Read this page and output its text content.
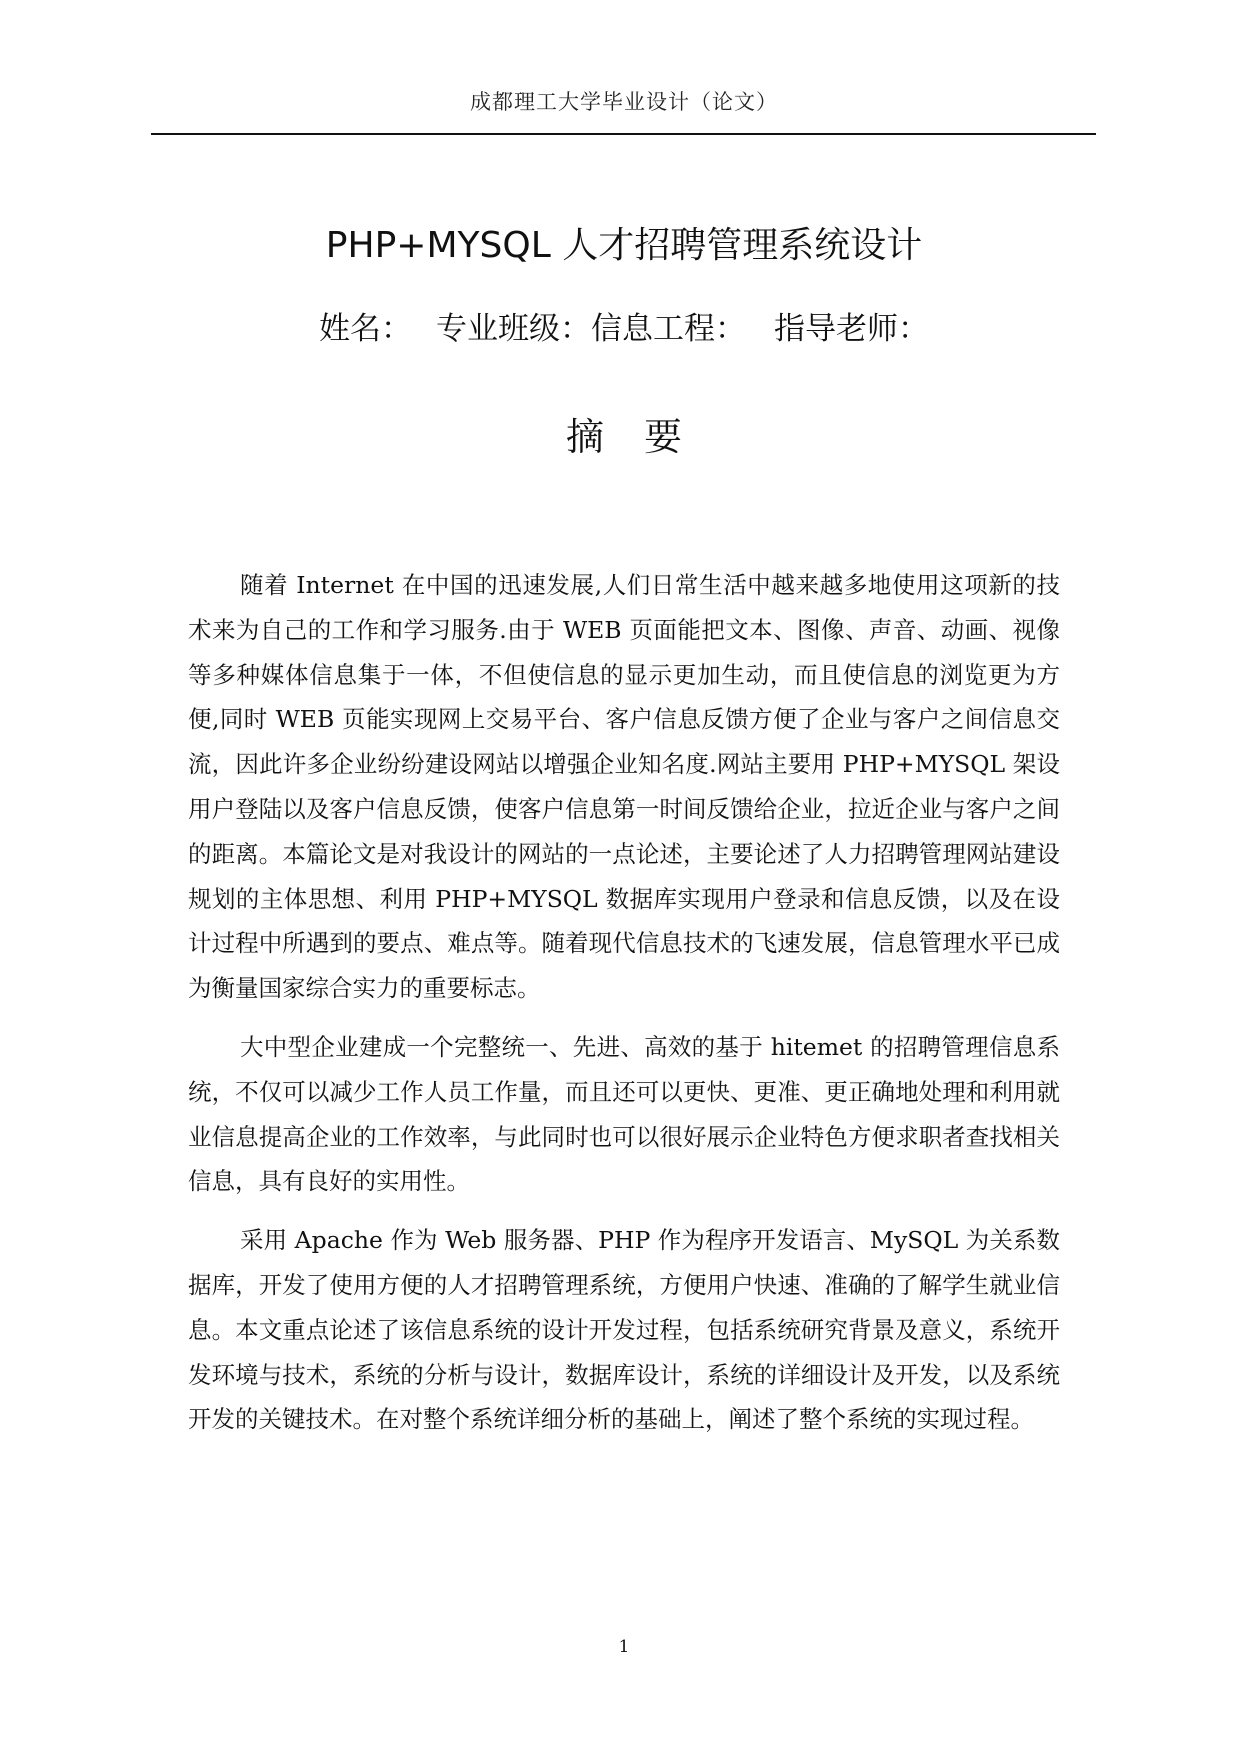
成都理工大学毕业设计（论文）
PHP+MYSQL 人才招聘管理系统设计
姓名： 专业班级：信息工程： 指导老师：
摘要

随着 Internet 在中国的迅速发展,人们日常生活中越来越多地使用这项新的技术来为自己的工作和学习服务.由于 WEB 页面能把文本、图像、声音、动画、视像等多种媒体信息集于一体，不但使信息的显示更加生动，而且使信息的浏览更为方便,同时 WEB 页能实现网上交易平台、客户信息反馈方便了企业与客户之间信息交流，因此许多企业纷纷建设网站以增强企业知名度.网站主要用 PHP+MYSQL 架设用户登陆以及客户信息反馈，使客户信息第一时间反馈给企业，拉近企业与客户之间的距离。本篇论文是对我设计的网站的一点论述，主要论述了人力招聘管理网站建设规划的主体思想、利用 PHP+MYSQL 数据库实现用户登录和信息反馈，以及在设计过程中所遇到的要点、难点等。随着现代信息技术的飞速发展，信息管理水平已成为衡量国家综合实力的重要标志。

大中型企业建成一个完整统一、先进、高效的基于 hitemet 的招聘管理信息系统，不仅可以减少工作人员工作量，而且还可以更快、更准、更正确地处理和利用就业信息提高企业的工作效率，与此同时也可以很好展示企业特色方便求职者查找相关信息，具有良好的实用性。

采用 Apache 作为 Web 服务器、PHP 作为程序开发语言、MySQL 为关系数据库，开发了使用方便的人才招聘管理系统，方便用户快速、准确的了解学生就业信息。本文重点论述了该信息系统的设计开发过程，包括系统研究背景及意义，系统开发环境与技术，系统的分析与设计，数据库设计，系统的详细设计及开发，以及系统开发的关键技术。在对整个系统详细分析的基础上，阐述了整个系统的实现过程。

1
